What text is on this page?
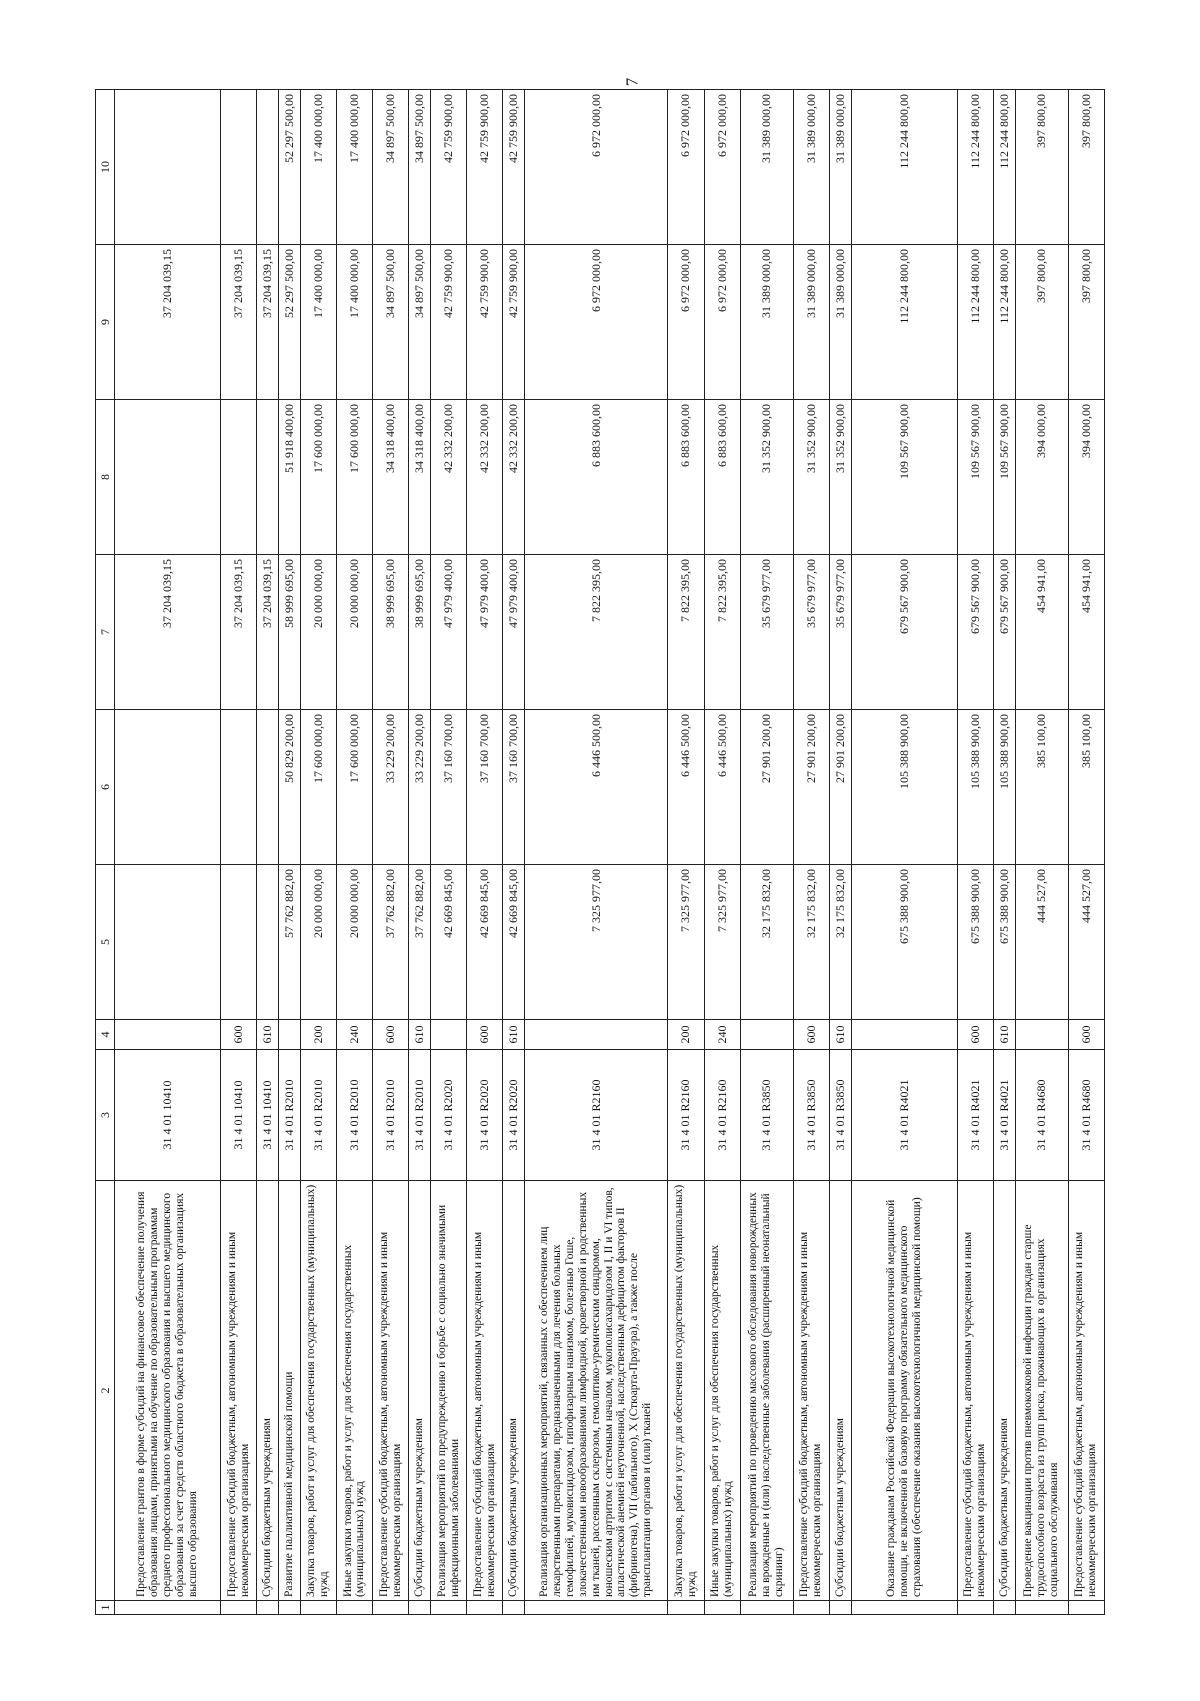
7
1	2	3	4	5	6	7	8	9	10
	Предоставление грантов в форме субсидий на финансовое обеспечение получения образования лицами, принятыми на обучение по образовательным программам среднего профессионального медицинского образования и высшего медицинского образования за счет средств областного бюджета в образовательных организациях высшего образования	31 4 01 10410				37 204 039,15		37 204 039,15	
	Предоставление субсидий бюджетным, автономным учреждениям и иным некоммерческим организациям	31 4 01 10410	600			37 204 039,15		37 204 039,15	
	Субсидии бюджетным учреждениям	31 4 01 10410	610			37 204 039,15		37 204 039,15	
	Развитие паллиативной медицинской помощи	31 4 01 R2010		57 762 882,00	50 829 200,00	58 999 695,00	51 918 400,00	52 297 500,00	52 297 500,00
	Закупка товаров, работ и услуг для обеспечения государственных (муниципальных) нужд	31 4 01 R2010	200	20 000 000,00	17 600 000,00	20 000 000,00	17 600 000,00	17 400 000,00	17 400 000,00
	Иные закупки товаров, работ и услуг для обеспечения государственных (муниципальных) нужд	31 4 01 R2010	240	20 000 000,00	17 600 000,00	20 000 000,00	17 600 000,00	17 400 000,00	17 400 000,00
	Предоставление субсидий бюджетным, автономным учреждениям и иным некоммерческим организациям	31 4 01 R2010	600	37 762 882,00	33 229 200,00	38 999 695,00	34 318 400,00	34 897 500,00	34 897 500,00
	Субсидии бюджетным учреждениям	31 4 01 R2010	610	37 762 882,00	33 229 200,00	38 999 695,00	34 318 400,00	34 897 500,00	34 897 500,00
	Реализация мероприятий по предупреждению и борьбе с социально значимыми инфекционными заболеваниями	31 4 01 R2020		42 669 845,00	37 160 700,00	47 979 400,00	42 332 200,00	42 759 900,00	42 759 900,00
	Предоставление субсидий бюджетным, автономным учреждениям и иным некоммерческим организациям	31 4 01 R2020	600	42 669 845,00	37 160 700,00	47 979 400,00	42 332 200,00	42 759 900,00	42 759 900,00
	Субсидии бюджетным учреждениям	31 4 01 R2020	610	42 669 845,00	37 160 700,00	47 979 400,00	42 332 200,00	42 759 900,00	42 759 900,00
	Реализация организационных мероприятий, связанных с обеспечением лиц лекарственными препаратами, предназначенными для лечения больных гемофилией, муковисцидозом, гипофизарным нанизмом, болезнью Гоше, злокачественными новообразованиями лимфоидной, кроветворной и родственных им тканей, рассеянным склерозом, гемолитико-уремическим синдромом, юношеским артритом с системным началом, мукополисахаридозом I, II и VI типов, апластической анемией неуточненной, наследственным дефицитом факторов II (фибриногена), VII (лабильного), X (Стюарта-Прауэра), а также после трансплантации органов и (или) тканей	31 4 01 R2160		7 325 977,00	6 446 500,00	7 822 395,00	6 883 600,00	6 972 000,00	6 972 000,00
	Закупка товаров, работ и услуг для обеспечения государственных (муниципальных) нужд	31 4 01 R2160	200	7 325 977,00	6 446 500,00	7 822 395,00	6 883 600,00	6 972 000,00	6 972 000,00
	Иные закупки товаров, работ и услуг для обеспечения государственных (муниципальных) нужд	31 4 01 R2160	240	7 325 977,00	6 446 500,00	7 822 395,00	6 883 600,00	6 972 000,00	6 972 000,00
	Реализация мероприятий по проведению массового обследования новорожденных на врожденные и (или) наследственные заболевания (расширенный неонатальный скрининг)	31 4 01 R3850		32 175 832,00	27 901 200,00	35 679 977,00	31 352 900,00	31 389 000,00	31 389 000,00
	Предоставление субсидий бюджетным, автономным учреждениям и иным некоммерческим организациям	31 4 01 R3850	600	32 175 832,00	27 901 200,00	35 679 977,00	31 352 900,00	31 389 000,00	31 389 000,00
	Субсидии бюджетным учреждениям	31 4 01 R3850	610	32 175 832,00	27 901 200,00	35 679 977,00	31 352 900,00	31 389 000,00	31 389 000,00
	Оказание гражданам Российской Федерации высокотехнологичной медицинской помощи, не включенной в базовую программу обязательного медицинского страхования (обеспечение оказания высокотехнологичной медицинской помощи)	31 4 01 R4021		675 388 900,00	105 388 900,00	679 567 900,00	109 567 900,00	112 244 800,00	112 244 800,00
	Предоставление субсидий бюджетным, автономным учреждениям и иным некоммерческим организациям	31 4 01 R4021	600	675 388 900,00	105 388 900,00	679 567 900,00	109 567 900,00	112 244 800,00	112 244 800,00
	Субсидии бюджетным учреждениям	31 4 01 R4021	610	675 388 900,00	105 388 900,00	679 567 900,00	109 567 900,00	112 244 800,00	112 244 800,00
	Проведение вакцинации против пневмококковой инфекции граждан старше трудоспособного возраста из групп риска, проживающих в организациях социального обслуживания	31 4 01 R4680		444 527,00	385 100,00	454 941,00	394 000,00	397 800,00	397 800,00
	Предоставление субсидий бюджетным, автономным учреждениям и иным некоммерческим организациям	31 4 01 R4680	600	444 527,00	385 100,00	454 941,00	394 000,00	397 800,00	397 800,00
